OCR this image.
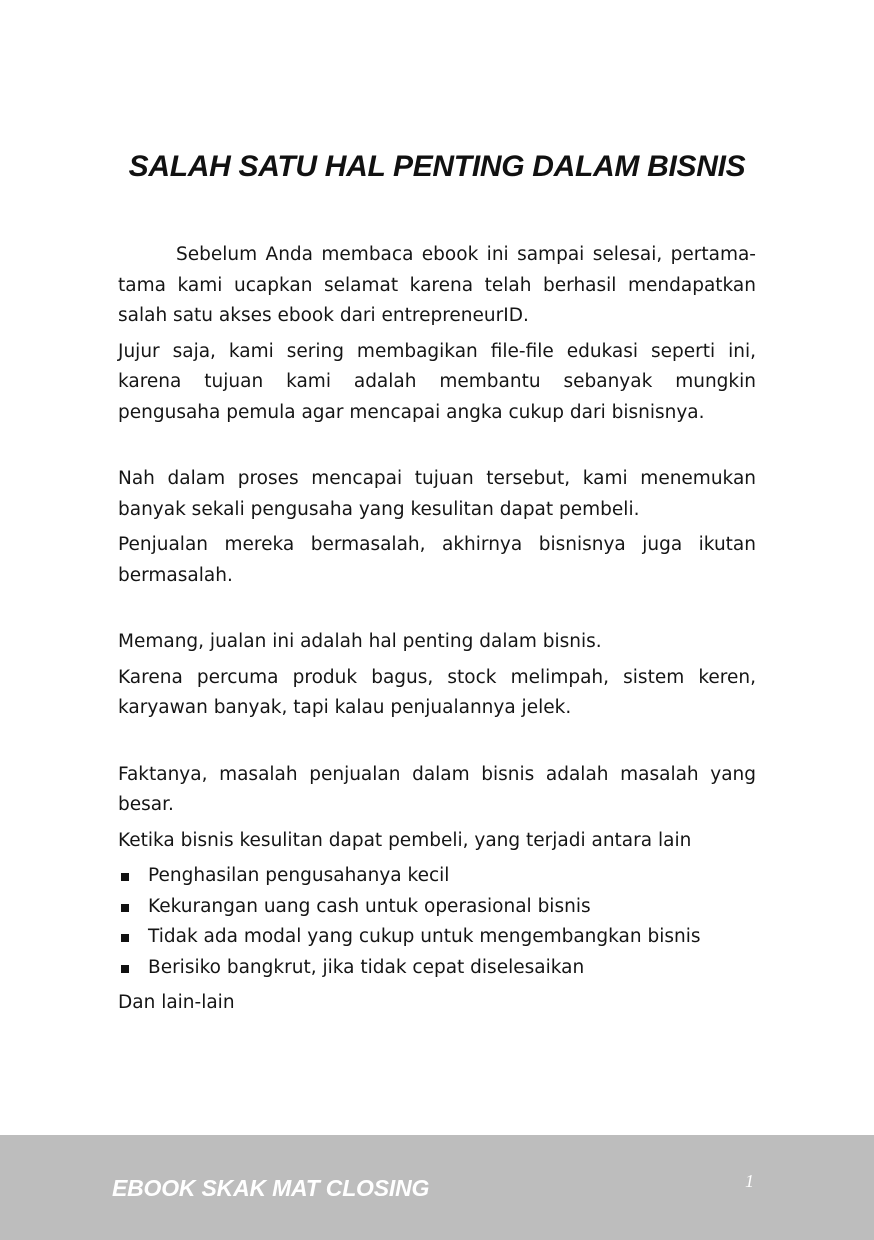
SALAH SATU HAL PENTING DALAM BISNIS

Sebelum Anda membaca ebook ini sampai selesai, pertama-tama kami ucapkan selamat karena telah berhasil mendapatkan salah satu akses ebook dari entrepreneurID.

Jujur saja, kami sering membagikan file-file edukasi seperti ini, karena tujuan kami adalah membantu sebanyak mungkin pengusaha pemula agar mencapai angka cukup dari bisnisnya.

Nah dalam proses mencapai tujuan tersebut, kami menemukan banyak sekali pengusaha yang kesulitan dapat pembeli.

Penjualan mereka bermasalah, akhirnya bisnisnya juga ikutan bermasalah.

Memang, jualan ini adalah hal penting dalam bisnis.

Karena percuma produk bagus, stock melimpah, sistem keren, karyawan banyak, tapi kalau penjualannya jelek.

Faktanya, masalah penjualan dalam bisnis adalah masalah yang besar.

Ketika bisnis kesulitan dapat pembeli, yang terjadi antara lain

Penghasilan pengusahanya kecil
Kekurangan uang cash untuk operasional bisnis
Tidak ada modal yang cukup untuk mengembangkan bisnis
Berisiko bangkrut, jika tidak cepat diselesaikan

Dan lain-lain

EBOOK SKAK MAT CLOSING	1
